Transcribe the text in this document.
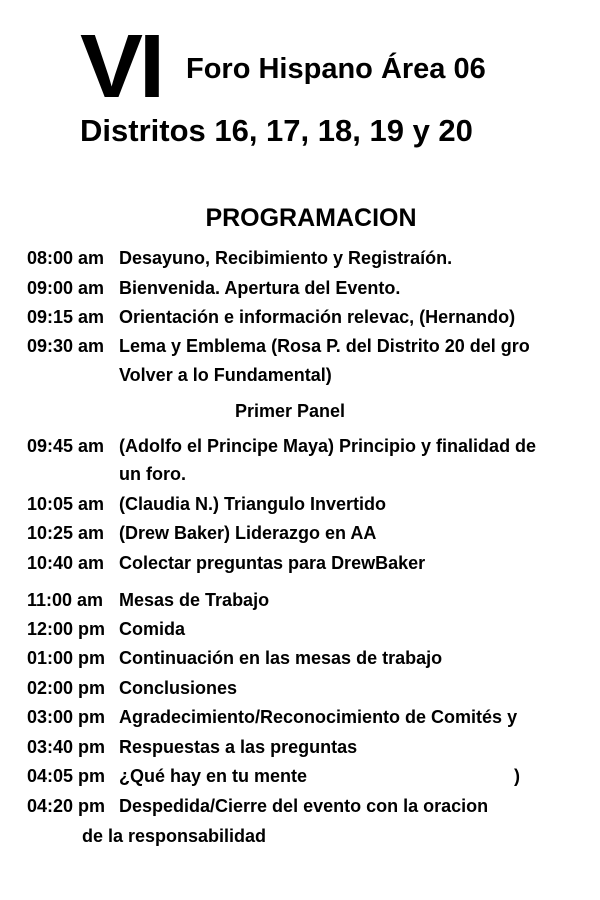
VI Foro Hispano Área 06
Distritos 16, 17, 18, 19 y 20
PROGRAMACION
08:00 am Desayuno, Recibimiento y Registraíón.
09:00 am Bienvenida. Apertura del Evento.
09:15 am Orientación e información relevac, (Hernando)
09:30 am Lema y Emblema (Rosa P. del Distrito 20 del gro
Volver a lo Fundamental)
Primer Panel
09:45 am (Adolfo el Principe Maya) Principio y finalidad de
un foro.
10:05 am (Claudia N.) Triangulo Invertido
10:25 am (Drew Baker) Liderazgo en AA
10:40 am Colectar preguntas para DrewBaker
11:00 am Mesas de Trabajo
12:00 pm Comida
01:00 pm Continuación en las mesas de trabajo
02:00 pm Conclusiones
03:00 pm Agradecimiento/Reconocimiento de Comités y
03:40 pm Respuestas a las preguntas
04:05 pm ¿Qué hay en tu mente	)
04:20 pm Despedida/Cierre del evento con la oracion
de la responsabilidad
